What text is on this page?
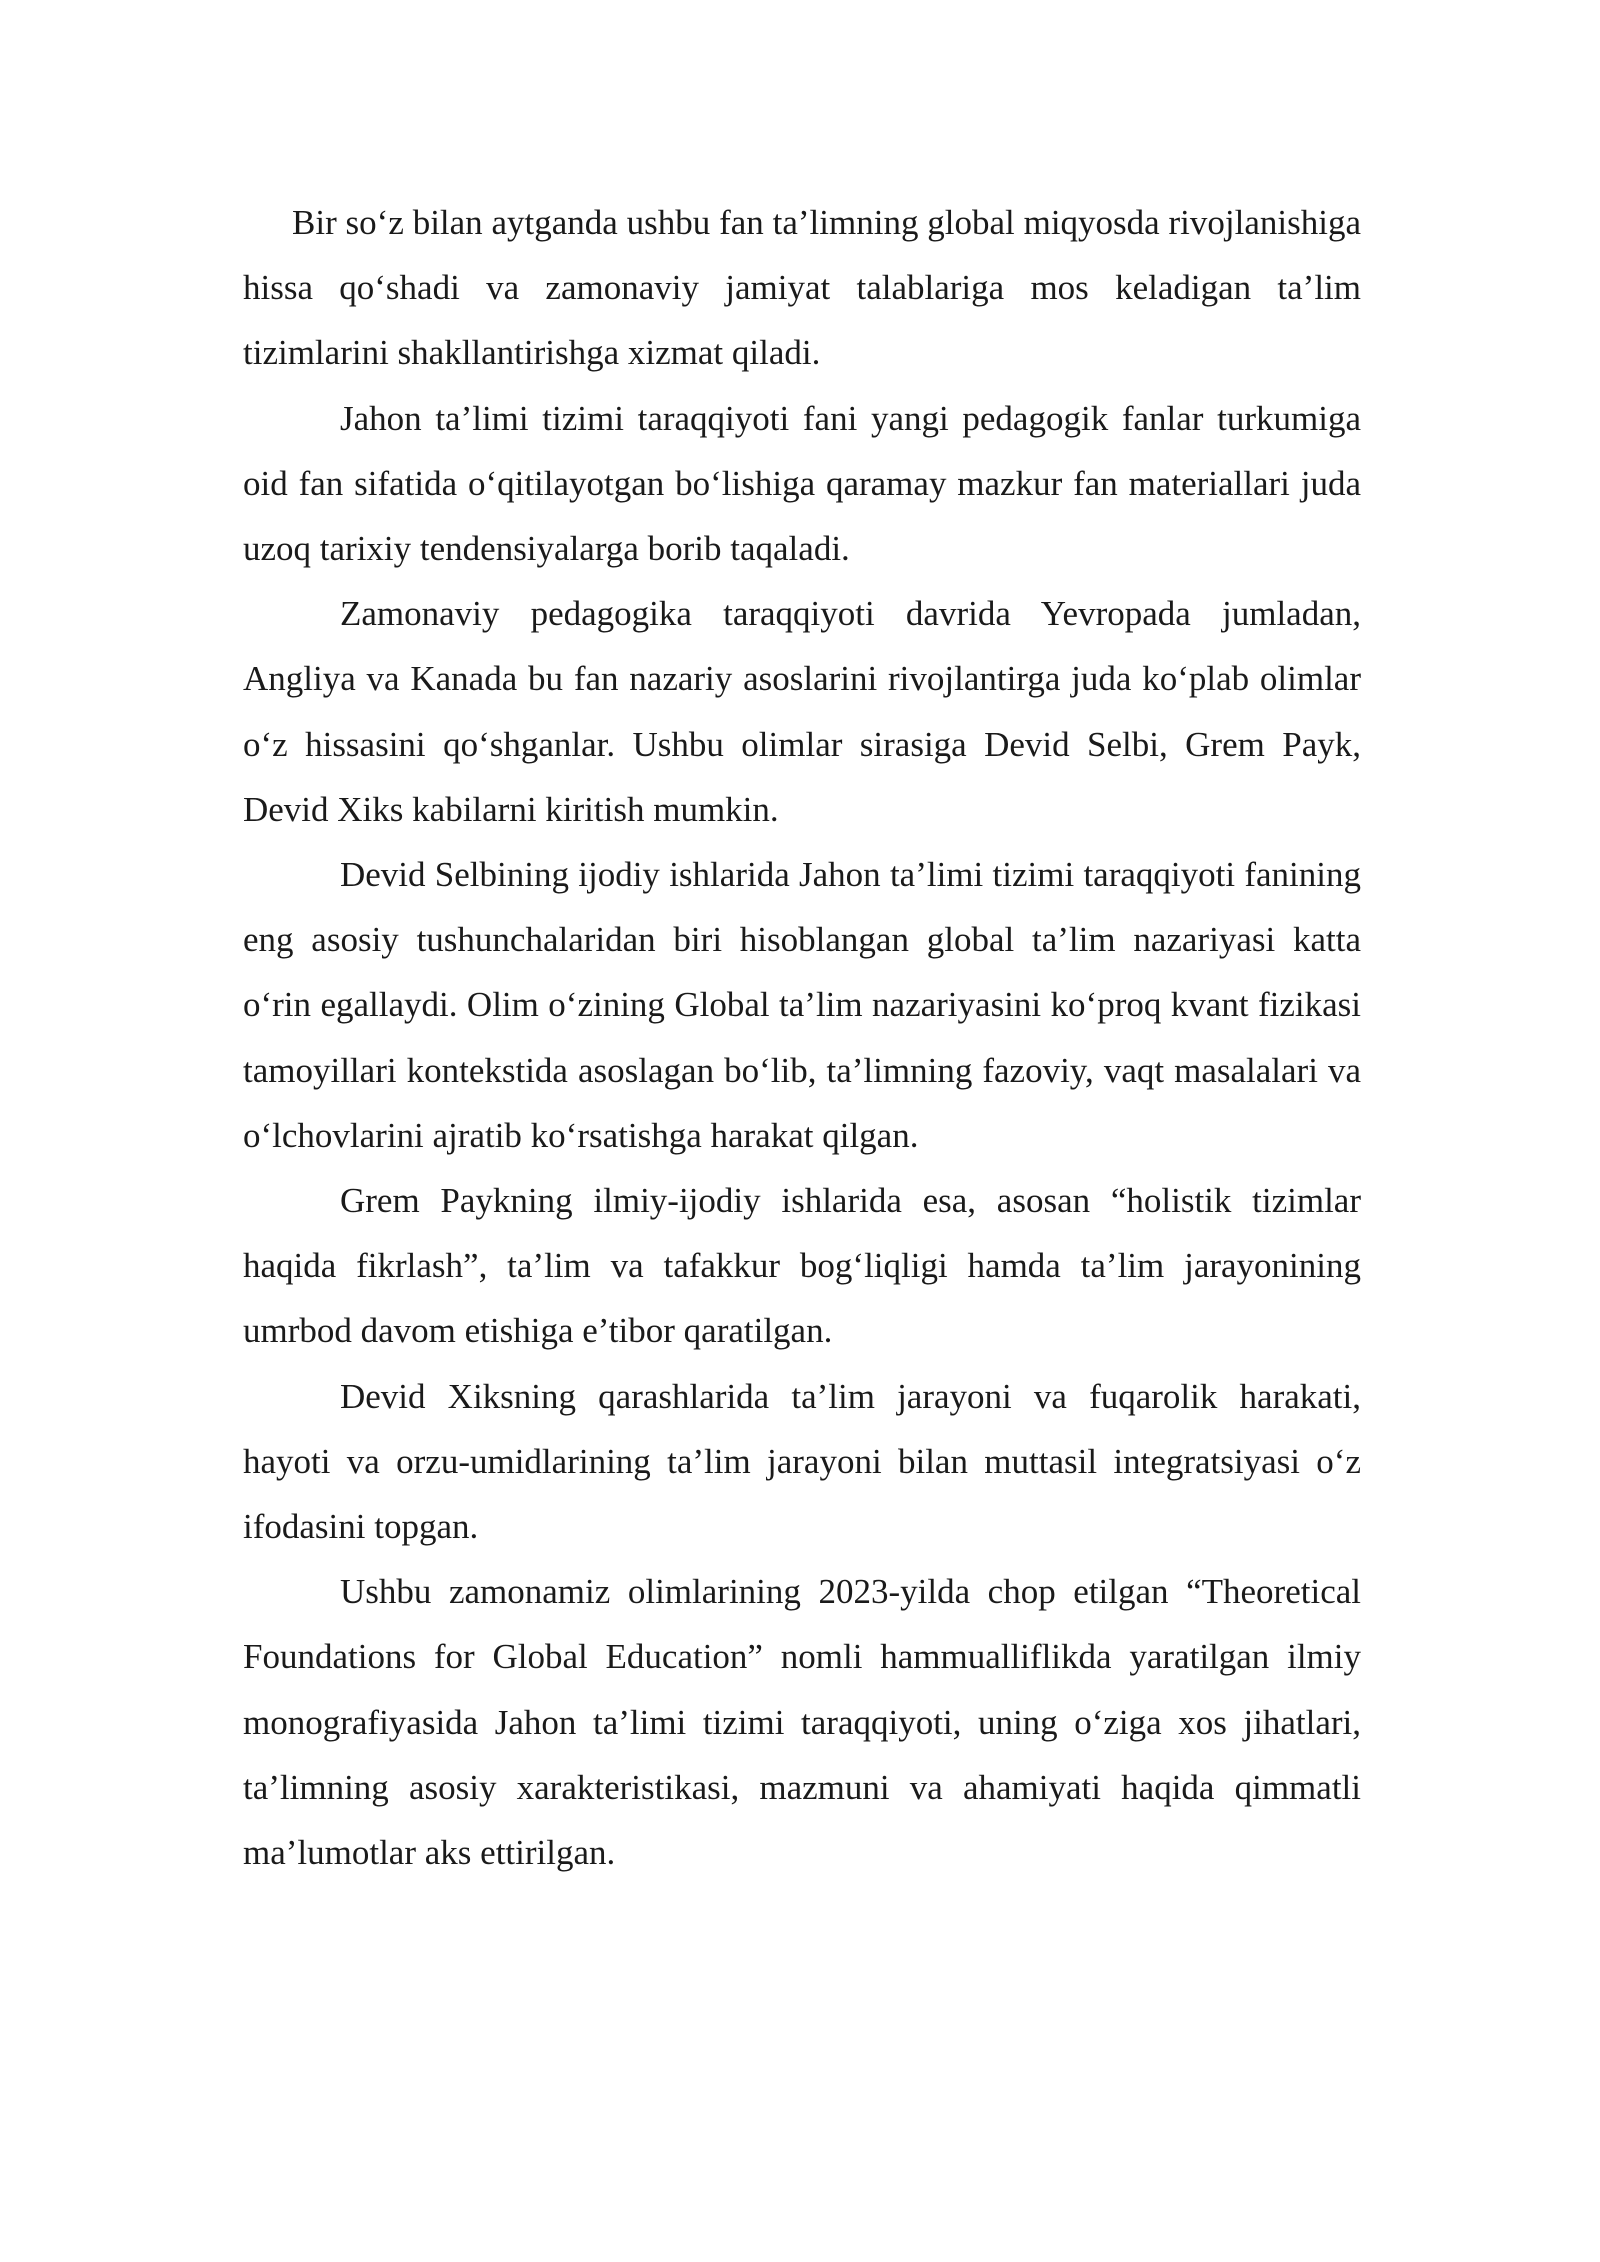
Bir so‘z bilan aytganda ushbu fan ta’limning global miqyosda rivojlanishiga hissa qo‘shadi va zamonaviy jamiyat talablariga mos keladigan ta’lim tizimlarini shakllantirishga xizmat qiladi.

Jahon ta’limi tizimi taraqqiyoti fani yangi pedagogik fanlar turkumiga oid fan sifatida o‘qitilayotgan bo‘lishiga qaramay mazkur fan materiallari juda uzoq tarixiy tendensiyalarga borib taqaladi.

Zamonaviy pedagogika taraqqiyoti davrida Yevropada jumladan, Angliya va Kanada bu fan nazariy asoslarini rivojlantirga juda ko‘plab olimlar o‘z hissasini qo‘shganlar. Ushbu olimlar sirasiga Devid Selbi, Grem Payk, Devid Xiks kabilarni kiritish mumkin.

Devid Selbining ijodiy ishlarida Jahon ta’limi tizimi taraqqiyoti fanining eng asosiy tushunchalaridan biri hisoblangan global ta’lim nazariyasi katta o‘rin egallaydi. Olim o‘zining Global ta’lim nazariyasini ko‘proq kvant fizikasi tamoyillari kontekstida asoslagan bo‘lib, ta’limning fazoviy, vaqt masalalari va o‘lchovlarini ajratib ko‘rsatishga harakat qilgan.

Grem Paykning ilmiy-ijodiy ishlarida esa, asosan “holistik tizimlar haqida fikrlash”, ta’lim va tafakkur bog‘liqligi hamda ta’lim jarayonining umrbod davom etishiga e’tibor qaratilgan.

Devid Xiksning qarashlarida ta’lim jarayoni va fuqarolik harakati, hayoti va orzu-umidlarining ta’lim jarayoni bilan muttasil integratsiyasi o‘z ifodasini topgan.

Ushbu zamonamiz olimlarining 2023-yilda chop etilgan “Theoretical Foundations for Global Education” nomli hammualliflikda yaratilgan ilmiy monografiyasida Jahon ta’limi tizimi taraqqiyoti, uning o‘ziga xos jihatlari, ta’limning asosiy xarakteristikasi, mazmuni va ahamiyati haqida qimmatli ma’lumotlar aks ettirilgan.
